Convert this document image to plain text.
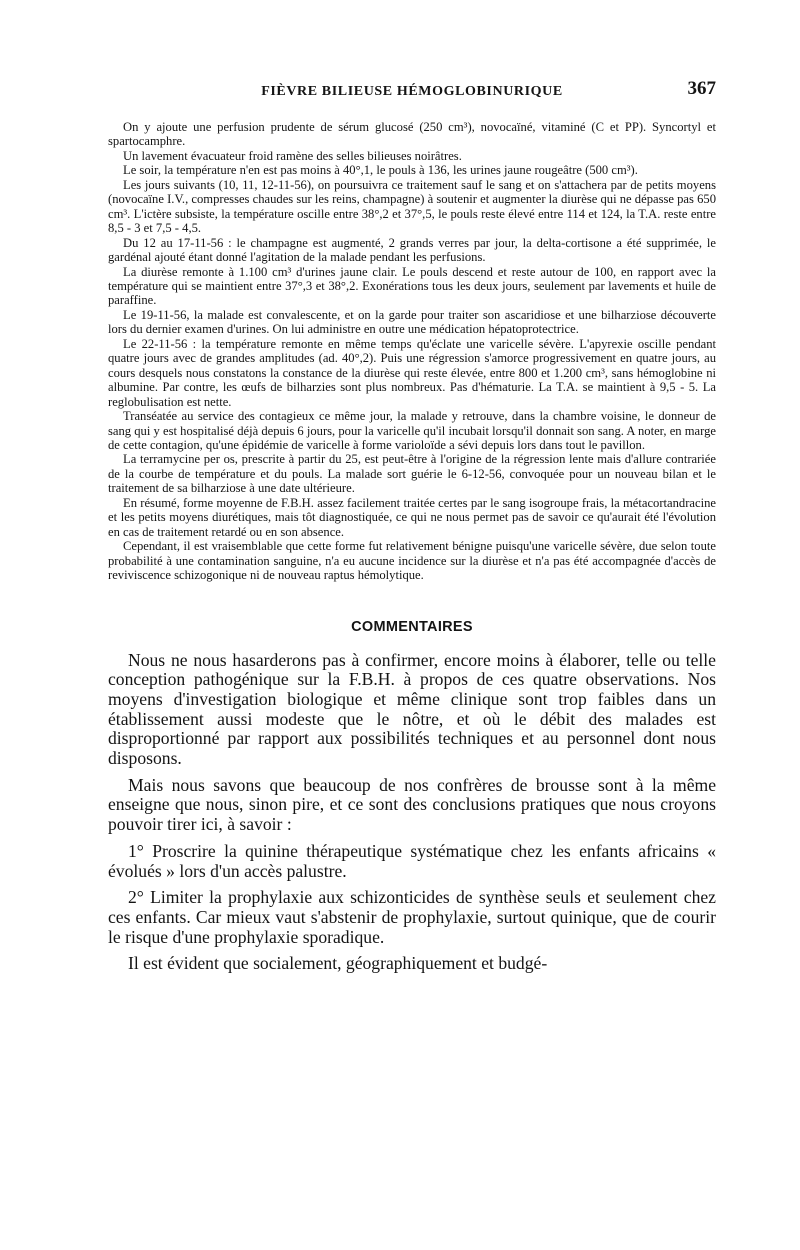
FIÈVRE BILIEUSE HÉMOGLOBINURIQUE	367

On y ajoute une perfusion prudente de sérum glucosé (250 cm³), novocaïné, vitaminé (C et PP). Syncortyl et spartocamphre.

Un lavement évacuateur froid ramène des selles bilieuses noirâtres.

Le soir, la température n'en est pas moins à 40°,1, le pouls à 136, les urines jaune rougeâtre (500 cm³).

Les jours suivants (10, 11, 12-11-56), on poursuivra ce traitement sauf le sang et on s'attachera par de petits moyens (novocaïne I.V., compresses chaudes sur les reins, champagne) à soutenir et augmenter la diurèse qui ne dépasse pas 650 cm³. L'ictère subsiste, la température oscille entre 38°,2 et 37°,5, le pouls reste élevé entre 114 et 124, la T.A. reste entre 8,5 - 3 et 7,5 - 4,5.

Du 12 au 17-11-56 : le champagne est augmenté, 2 grands verres par jour, la delta-cortisone a été supprimée, le gardénal ajouté étant donné l'agitation de la malade pendant les perfusions.

La diurèse remonte à 1.100 cm³ d'urines jaune clair. Le pouls descend et reste autour de 100, en rapport avec la température qui se maintient entre 37°,3 et 38°,2. Exonérations tous les deux jours, seulement par lavements et huile de paraffine.

Le 19-11-56, la malade est convalescente, et on la garde pour traiter son ascaridiose et une bilharziose découverte lors du dernier examen d'urines. On lui administre en outre une médication hépatoprotectrice.

Le 22-11-56 : la température remonte en même temps qu'éclate une varicelle sévère. L'apyrexie oscille pendant quatre jours avec de grandes amplitudes (ad. 40°,2). Puis une régression s'amorce progressivement en quatre jours, au cours desquels nous constatons la constance de la diurèse qui reste élevée, entre 800 et 1.200 cm³, sans hémoglobine ni albumine. Par contre, les œufs de bilharzies sont plus nombreux. Pas d'hématurie. La T.A. se maintient à 9,5 - 5. La reglobulisation est nette.

Transéatée au service des contagieux ce même jour, la malade y retrouve, dans la chambre voisine, le donneur de sang qui y est hospitalisé déjà depuis 6 jours, pour la varicelle qu'il incubait lorsqu'il donnait son sang. A noter, en marge de cette contagion, qu'une épidémie de varicelle à forme varioloïde a sévi depuis lors dans tout le pavillon.

La terramycine per os, prescrite à partir du 25, est peut-être à l'origine de la régression lente mais d'allure contrariée de la courbe de température et du pouls. La malade sort guérie le 6-12-56, convoquée pour un nouveau bilan et le traitement de sa bilharziose à une date ultérieure.

En résumé, forme moyenne de F.B.H. assez facilement traitée certes par le sang isogroupe frais, la métacortandracine et les petits moyens diurétiques, mais tôt diagnostiquée, ce qui ne nous permet pas de savoir ce qu'aurait été l'évolution en cas de traitement retardé ou en son absence.

Cependant, il est vraisemblable que cette forme fut relativement bénigne puisqu'une varicelle sévère, due selon toute probabilité à une contamination sanguine, n'a eu aucune incidence sur la diurèse et n'a pas été accompagnée d'accès de reviviscence schizogonique ni de nouveau raptus hémolytique.

COMMENTAIRES

Nous ne nous hasarderons pas à confirmer, encore moins à élaborer, telle ou telle conception pathogénique sur la F.B.H. à propos de ces quatre observations. Nos moyens d'investigation biologique et même clinique sont trop faibles dans un établissement aussi modeste que le nôtre, et où le débit des malades est disproportionné par rapport aux possibilités techniques et au personnel dont nous disposons.

Mais nous savons que beaucoup de nos confrères de brousse sont à la même enseigne que nous, sinon pire, et ce sont des conclusions pratiques que nous croyons pouvoir tirer ici, à savoir :

1° Proscrire la quinine thérapeutique systématique chez les enfants africains « évolués » lors d'un accès palustre.

2° Limiter la prophylaxie aux schizonticides de synthèse seuls et seulement chez ces enfants. Car mieux vaut s'abstenir de prophylaxie, surtout quinique, que de courir le risque d'une prophylaxie sporadique.

Il est évident que socialement, géographiquement et budgé-
